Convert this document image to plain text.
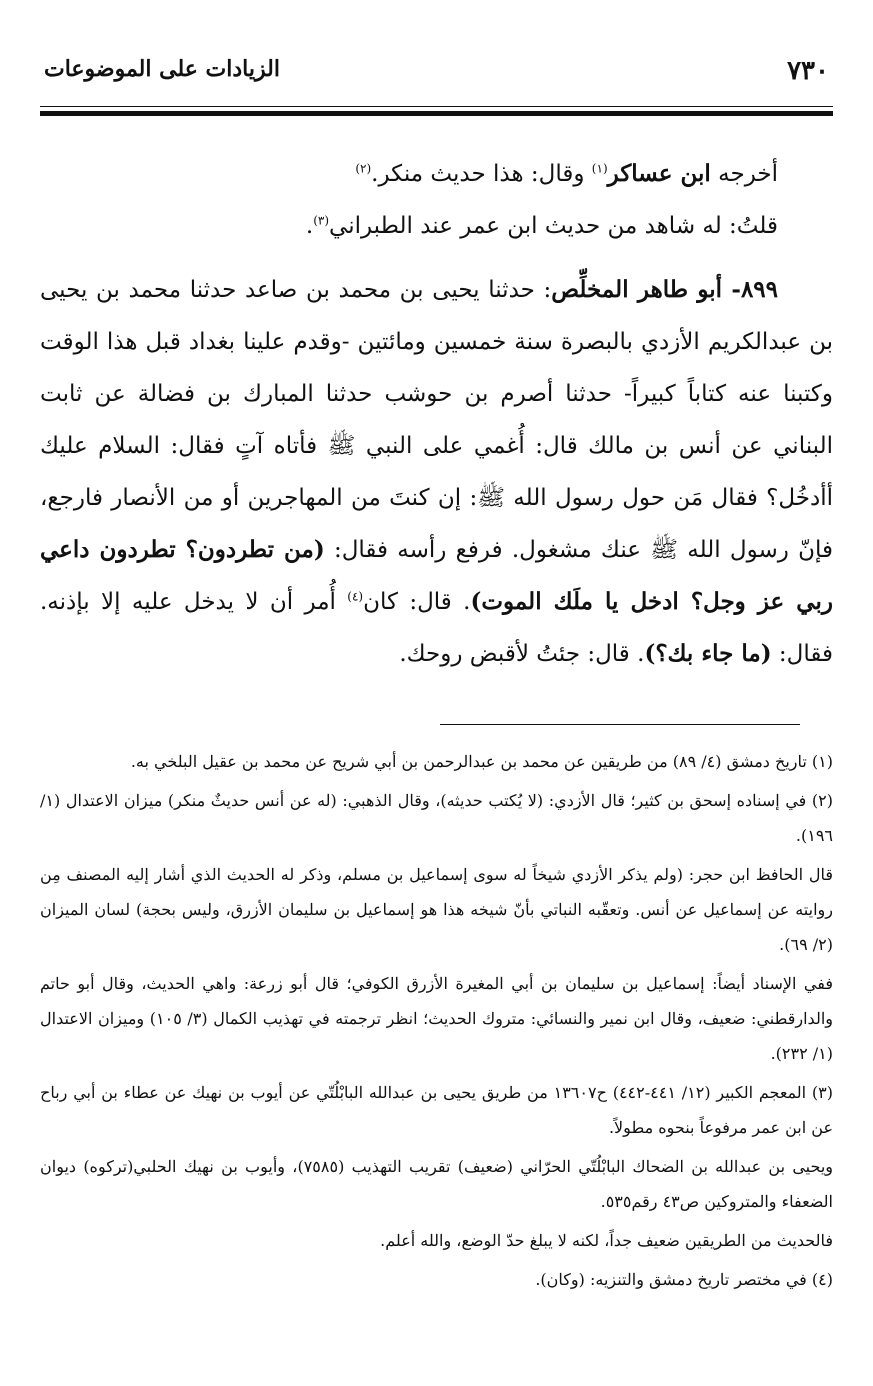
٧٣٠
الزيادات على الموضوعات

أخرجه ابن عساكر$^{(١)}$ وقال: هذا حديث منكر.$^{(٢)}$

قلتُ: له شاهد من حديث ابن عمر عند الطبراني$^{(٣)}$.

٨٩٩- أبو طاهر المخلِّص: حدثنا يحيى بن محمد بن صاعد حدثنا محمد بن يحيى بن عبدالكريم الأزدي بالبصرة سنة خمسين ومائتين -وقدم علينا بغداد قبل هذا الوقت وكتبنا عنه كتاباً كبيراً- حدثنا أصرم بن حوشب حدثنا المبارك بن فضالة عن ثابت البناني عن أنس بن مالك قال: أُغمي على النبي ﷺ فأتاه آتٍ فقال: السلام عليك أأدخُل؟ فقال مَن حول رسول الله ﷺ: إن كنتَ من المهاجرين أو من الأنصار فارجع، فإنّ رسول الله ﷺ عنك مشغول. فرفع رأسه فقال: (من تطردون؟ تطردون داعي ربي عز وجل؟ ادخل يا ملَك الموت). قال: كان$^{(٤)}$ أُمر أن لا يدخل عليه إلا بإذنه. فقال: (ما جاء بك؟). قال: جئتُ لأقبض روحك.

(١) تاريخ دمشق (٤/ ٨٩) من طريقين عن محمد بن عبدالرحمن بن أبي شريح عن محمد بن عقيل البلخي به.

(٢) في إسناده إسحق بن كثير؛ قال الأزدي: (لا يُكتب حديثه)، وقال الذهبي: (له عن أنس حديثٌ منكر) ميزان الاعتدال (١/ ١٩٦).

قال الحافظ ابن حجر: (ولم يذكر الأزدي شيخاً له سوى إسماعيل بن مسلم، وذكر له الحديث الذي أشار إليه المصنف مِن روايته عن إسماعيل عن أنس. وتعقّبه النباتي بأنّ شيخه هذا هو إسماعيل بن سليمان الأزرق، وليس بحجة) لسان الميزان (٢/ ٦٩).

ففي الإسناد أيضاً: إسماعيل بن سليمان بن أبي المغيرة الأزرق الكوفي؛ قال أبو زرعة: واهي الحديث، وقال أبو حاتم والدارقطني: ضعيف، وقال ابن نمير والنسائي: متروك الحديث؛ انظر ترجمته في تهذيب الكمال (٣/ ١٠٥) وميزان الاعتدال (١/ ٢٣٢).

(٣) المعجم الكبير (١٢/ ٤٤١-٤٤٢) ح١٣٦٠٧ من طريق يحيى بن عبدالله البابْلُتّي عن أيوب بن نهيك عن عطاء بن أبي رباح عن ابن عمر مرفوعاً بنحوه مطولاً.

ويحيى بن عبدالله بن الضحاك البابْلُتّي الحرّاني (ضعيف) تقريب التهذيب (٧٥٨٥)، وأيوب بن نهيك الحلبي(تركوه) ديوان الضعفاء والمتروكين ص٤٣ رقم٥٣٥.

فالحديث من الطريقين ضعيف جداً، لكنه لا يبلغ حدّ الوضع، والله أعلم.

(٤) في مختصر تاريخ دمشق والتنزيه: (وكان).
